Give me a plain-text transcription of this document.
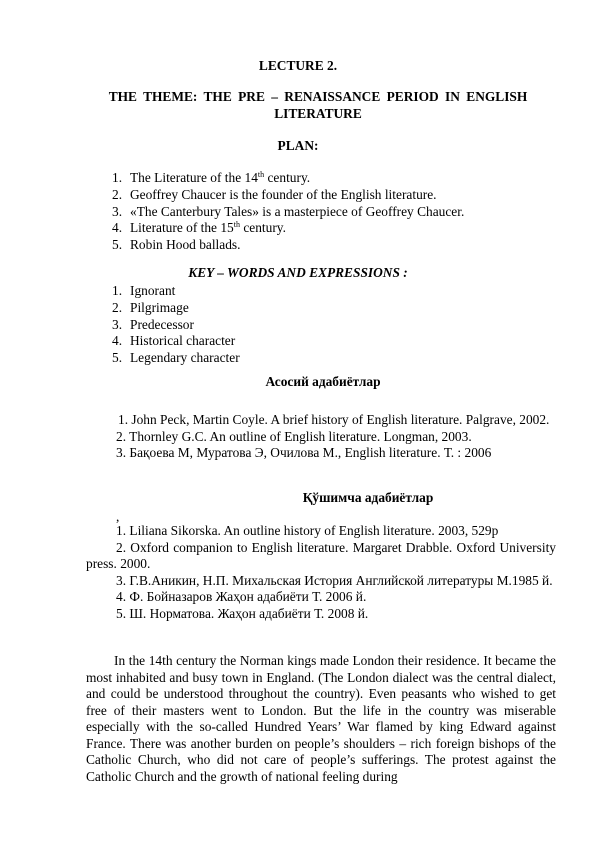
LECTURE 2.
THE THEME: THE PRE – RENAISSANCE PERIOD IN ENGLISH LITERATURE
PLAN:
1. The Literature of the 14th century.
2. Geoffrey Chaucer is the founder of the English literature.
3. «The Canterbury Tales» is a masterpiece of Geoffrey Chaucer.
4. Literature of the 15th century.
5. Robin Hood ballads.
KEY – WORDS AND EXPRESSIONS :
1. Ignorant
2. Pilgrimage
3. Predecessor
4. Historical character
5. Legendary character
Асосий адабиётлар
1. John Peck, Martin Coyle. A brief history of English literature. Palgrave, 2002.
2. Thornley G.C. An outline of English literature. Longman, 2003.
3. Бақоева М, Муратова Э, Очилова М., English literature. Т. : 2006
Қўшимча адабиётлар
,
1. Liliana Sikorska. An outline history of English literature. 2003, 529p
2. Oxford companion to English literature. Margaret Drabble. Oxford University press. 2000.
3. Г.В.Аникин, Н.П. Михальская История Английской литературы М.1985 й.
4. Ф. Бойназаров Жаҳон адабиёти Т. 2006 й.
5. Ш. Норматова. Жаҳон адабиёти Т. 2008 й.
In the 14th century the Norman kings made London their residence. It became the most inhabited and busy town in England. (The London dialect was the central dialect, and could be understood throughout the country). Even peasants who wished to get free of their masters went to London. But the life in the country was miserable especially with the so-called Hundred Years’ War flamed by king Edward against France. There was another burden on people’s shoulders – rich foreign bishops of the Catholic Church, who did not care of people’s sufferings. The protest against the Catholic Church and the growth of national feeling during
